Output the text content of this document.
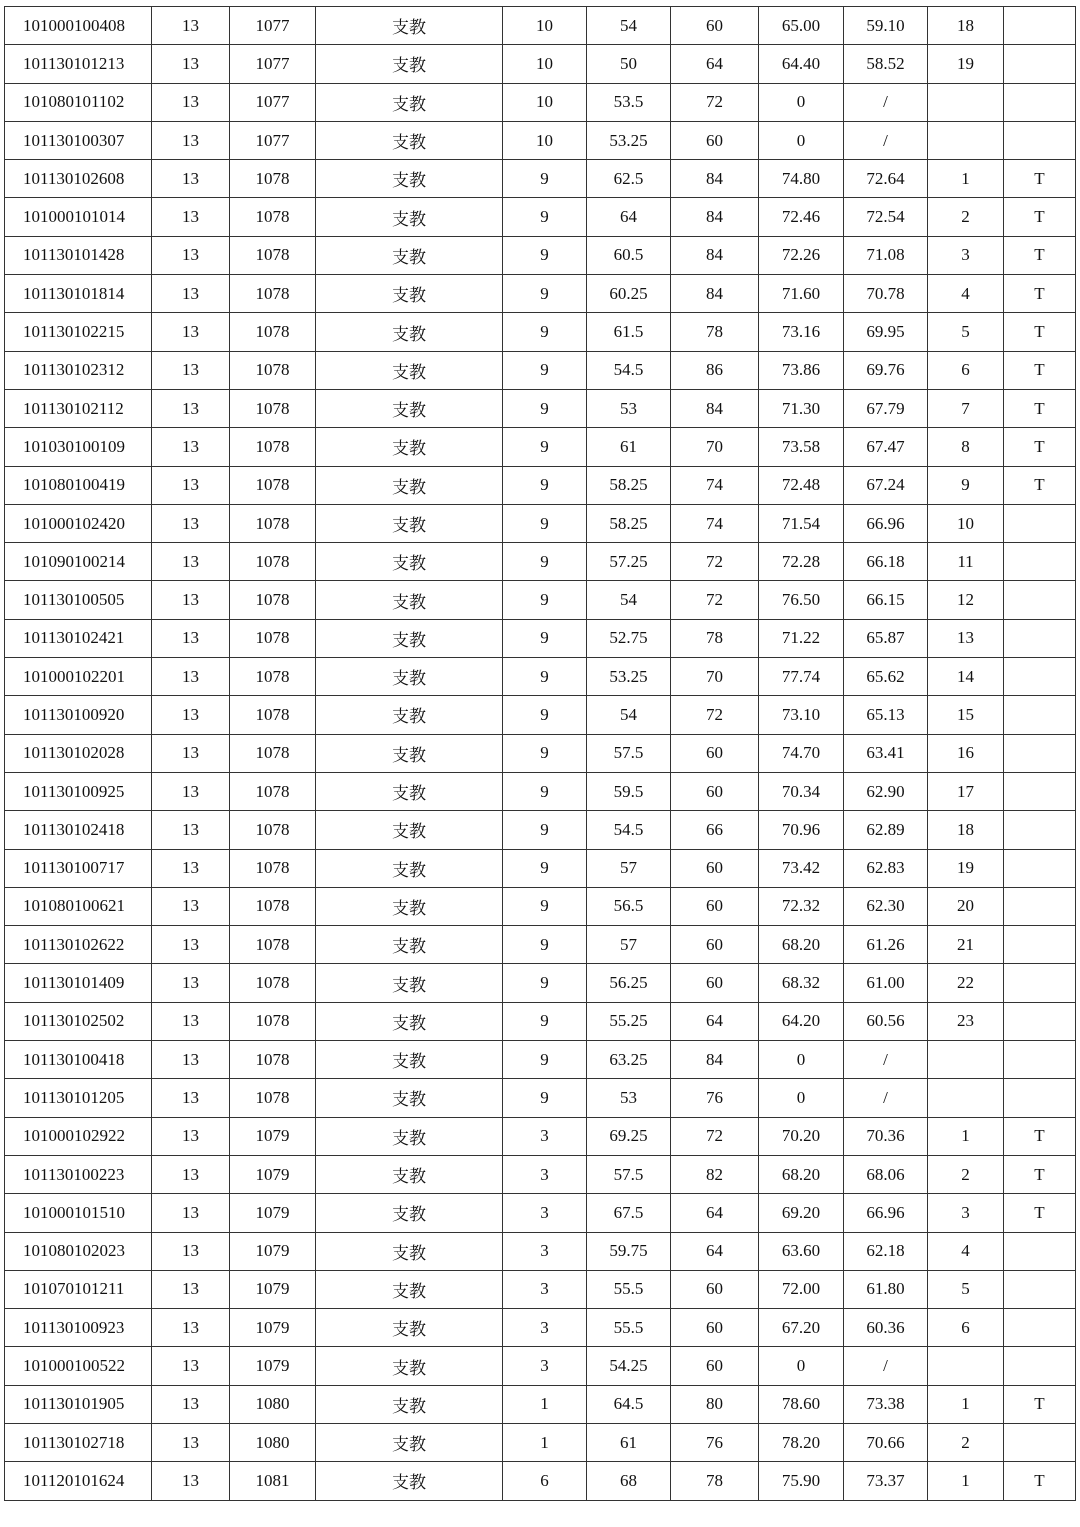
101000100408	13	1077	支教	10	54	60	65.00	59.10	18	
101130101213	13	1077	支教	10	50	64	64.40	58.52	19	
101080101102	13	1077	支教	10	53.5	72	0	/		
101130100307	13	1077	支教	10	53.25	60	0	/		
101130102608	13	1078	支教	9	62.5	84	74.80	72.64	1	T
101000101014	13	1078	支教	9	64	84	72.46	72.54	2	T
101130101428	13	1078	支教	9	60.5	84	72.26	71.08	3	T
101130101814	13	1078	支教	9	60.25	84	71.60	70.78	4	T
101130102215	13	1078	支教	9	61.5	78	73.16	69.95	5	T
101130102312	13	1078	支教	9	54.5	86	73.86	69.76	6	T
101130102112	13	1078	支教	9	53	84	71.30	67.79	7	T
101030100109	13	1078	支教	9	61	70	73.58	67.47	8	T
101080100419	13	1078	支教	9	58.25	74	72.48	67.24	9	T
101000102420	13	1078	支教	9	58.25	74	71.54	66.96	10	
101090100214	13	1078	支教	9	57.25	72	72.28	66.18	11	
101130100505	13	1078	支教	9	54	72	76.50	66.15	12	
101130102421	13	1078	支教	9	52.75	78	71.22	65.87	13	
101000102201	13	1078	支教	9	53.25	70	77.74	65.62	14	
101130100920	13	1078	支教	9	54	72	73.10	65.13	15	
101130102028	13	1078	支教	9	57.5	60	74.70	63.41	16	
101130100925	13	1078	支教	9	59.5	60	70.34	62.90	17	
101130102418	13	1078	支教	9	54.5	66	70.96	62.89	18	
101130100717	13	1078	支教	9	57	60	73.42	62.83	19	
101080100621	13	1078	支教	9	56.5	60	72.32	62.30	20	
101130102622	13	1078	支教	9	57	60	68.20	61.26	21	
101130101409	13	1078	支教	9	56.25	60	68.32	61.00	22	
101130102502	13	1078	支教	9	55.25	64	64.20	60.56	23	
101130100418	13	1078	支教	9	63.25	84	0	/		
101130101205	13	1078	支教	9	53	76	0	/		
101000102922	13	1079	支教	3	69.25	72	70.20	70.36	1	T
101130100223	13	1079	支教	3	57.5	82	68.20	68.06	2	T
101000101510	13	1079	支教	3	67.5	64	69.20	66.96	3	T
101080102023	13	1079	支教	3	59.75	64	63.60	62.18	4	
101070101211	13	1079	支教	3	55.5	60	72.00	61.80	5	
101130100923	13	1079	支教	3	55.5	60	67.20	60.36	6	
101000100522	13	1079	支教	3	54.25	60	0	/		
101130101905	13	1080	支教	1	64.5	80	78.60	73.38	1	T
101130102718	13	1080	支教	1	61	76	78.20	70.66	2	
101120101624	13	1081	支教	6	68	78	75.90	73.37	1	T
